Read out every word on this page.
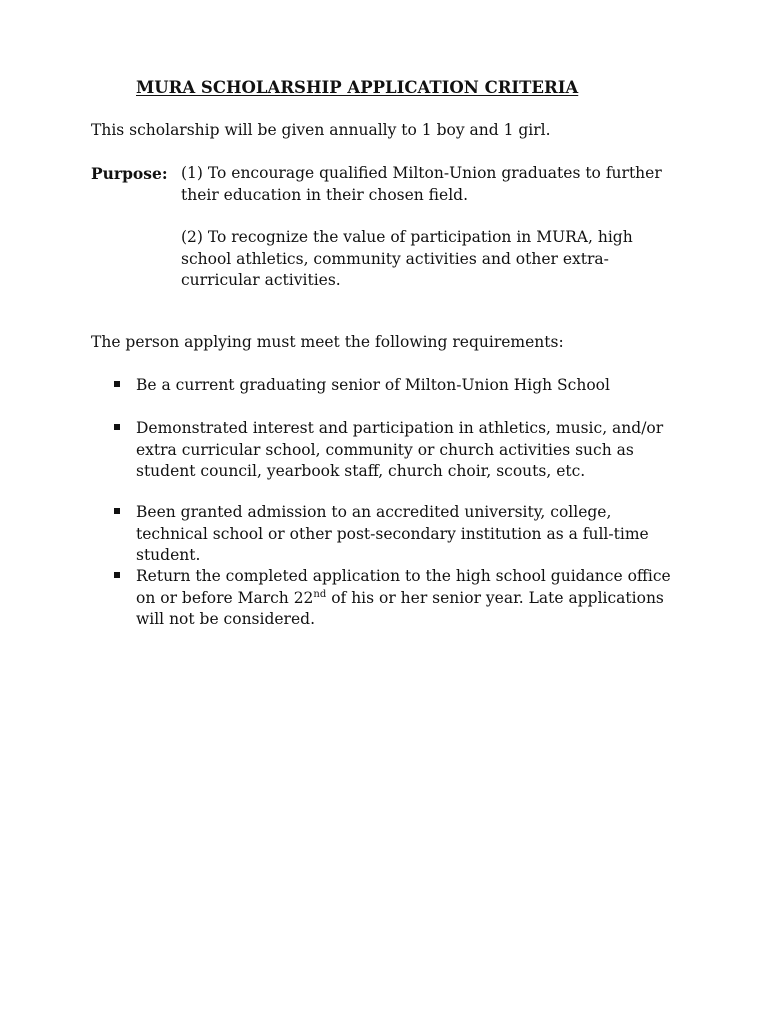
MURA SCHOLARSHIP APPLICATION CRITERIA

This scholarship will be given annually to 1 boy and 1 girl.

Purpose: (1) To encourage qualified Milton-Union graduates to further their education in their chosen field.

(2) To recognize the value of participation in MURA, high school athletics, community activities and other extra-curricular activities.

The person applying must meet the following requirements:

Be a current graduating senior of Milton-Union High School
Demonstrated interest and participation in athletics, music, and/or extra curricular school, community or church activities such as student council, yearbook staff, church choir, scouts, etc.
Been granted admission to an accredited university, college, technical school or other post-secondary institution as a full-time student.
Return the completed application to the high school guidance office on or before March 22nd of his or her senior year. Late applications will not be considered.
